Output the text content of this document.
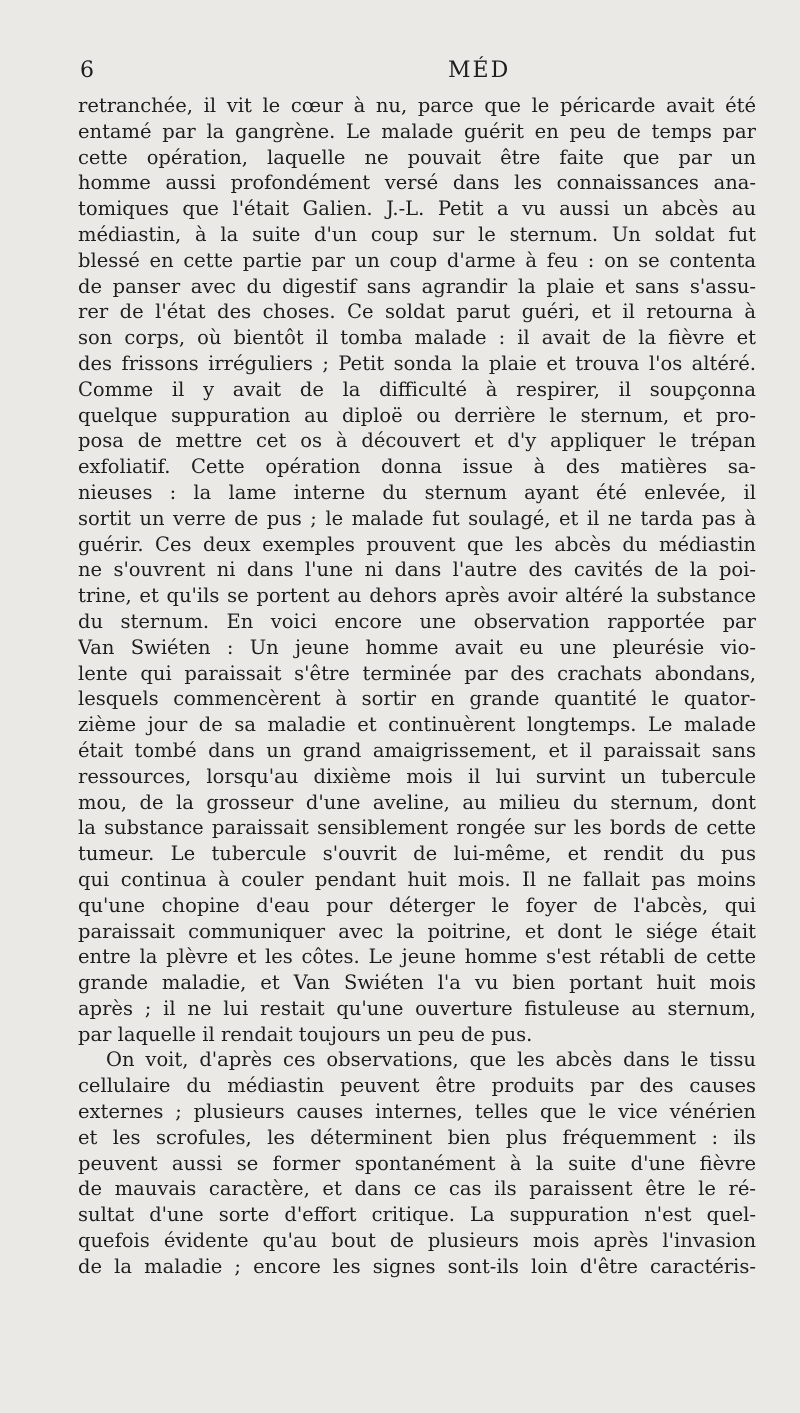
6	MÉD
retranchée, il vit le cœur à nu, parce que le péricarde avait été
entamé par la gangrène. Le malade guérit en peu de temps par
cette opération, laquelle ne pouvait être faite que par un
homme aussi profondément versé dans les connaissances ana-
tomiques que l'était Galien. J.-L. Petit a vu aussi un abcès au
médiastin, à la suite d'un coup sur le sternum. Un soldat fut
blessé en cette partie par un coup d'arme à feu : on se contenta
de panser avec du digestif sans agrandir la plaie et sans s'assu-
rer de l'état des choses. Ce soldat parut guéri, et il retourna à
son corps, où bientôt il tomba malade : il avait de la fièvre et
des frissons irréguliers ; Petit sonda la plaie et trouva l'os altéré.
Comme il y avait de la difficulté à respirer, il soupçonna
quelque suppuration au diploë ou derrière le sternum, et pro-
posa de mettre cet os à découvert et d'y appliquer le trépan
exfoliatif. Cette opération donna issue à des matières sa-
nieuses : la lame interne du sternum ayant été enlevée, il
sortit un verre de pus ; le malade fut soulagé, et il ne tarda pas à
guérir. Ces deux exemples prouvent que les abcès du médiastin
ne s'ouvrent ni dans l'une ni dans l'autre des cavités de la poi-
trine, et qu'ils se portent au dehors après avoir altéré la substance
du sternum. En voici encore une observation rapportée par
Van Swiéten : Un jeune homme avait eu une pleurésie vio-
lente qui paraissait s'être terminée par des crachats abondans,
lesquels commencèrent à sortir en grande quantité le quator-
zième jour de sa maladie et continuèrent longtemps. Le malade
était tombé dans un grand amaigrissement, et il paraissait sans
ressources, lorsqu'au dixième mois il lui survint un tubercule
mou, de la grosseur d'une aveline, au milieu du sternum, dont
la substance paraissait sensiblement rongée sur les bords de cette
tumeur. Le tubercule s'ouvrit de lui-même, et rendit du pus
qui continua à couler pendant huit mois. Il ne fallait pas moins
qu'une chopine d'eau pour déterger le foyer de l'abcès, qui
paraissait communiquer avec la poitrine, et dont le siége était
entre la plèvre et les côtes. Le jeune homme s'est rétabli de cette
grande maladie, et Van Swiéten l'a vu bien portant huit mois
après ; il ne lui restait qu'une ouverture fistuleuse au sternum,
par laquelle il rendait toujours un peu de pus.
On voit, d'après ces observations, que les abcès dans le tissu
cellulaire du médiastin peuvent être produits par des causes
externes ; plusieurs causes internes, telles que le vice vénérien
et les scrofules, les déterminent bien plus fréquemment : ils
peuvent aussi se former spontanément à la suite d'une fièvre
de mauvais caractère, et dans ce cas ils paraissent être le ré-
sultat d'une sorte d'effort critique. La suppuration n'est quel-
quefois évidente qu'au bout de plusieurs mois après l'invasion
de la maladie ; encore les signes sont-ils loin d'être caractéris-
